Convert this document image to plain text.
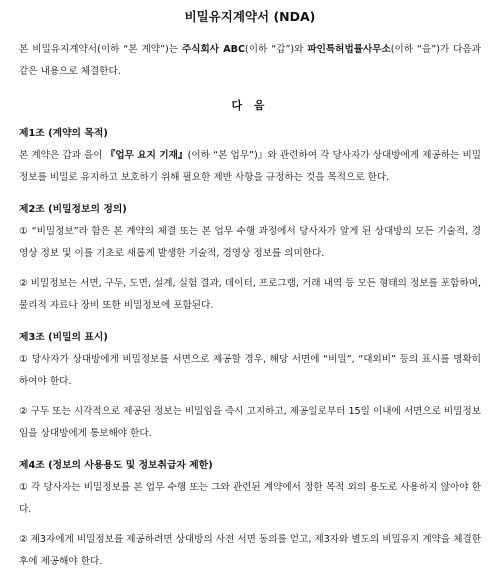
비밀유지계약서 (NDA)

본 비밀유지계약서(이하 “본 계약”)는 주식회사 ABC(이하 “갑”)와 파인특허법률사무소(이하 “을”)가 다음과 같은 내용으로 체결한다.

다 음
제1조 (계약의 목적)

본 계약은 갑과 을이 『업무 요지 기재』(이하 “본 업무”)』와 관련하여 각 당사자가 상대방에게 제공하는 비밀정보를 비밀로 유지하고 보호하기 위해 필요한 제반 사항을 규정하는 것을 목적으로 한다.

제2조 (비밀정보의 정의)

① “비밀정보”라 함은 본 계약의 체결 또는 본 업무 수행 과정에서 당사자가 알게 된 상대방의 모든 기술적, 경영상 정보 및 이를 기초로 새롭게 발생한 기술적, 경영상 정보를 의미한다.

② 비밀정보는 서면, 구두, 도면, 설계, 실험 결과, 데이터, 프로그램, 거래 내역 등 모든 형태의 정보를 포함하며, 물리적 자료나 장비 또한 비밀정보에 포함된다.

제3조 (비밀의 표시)

① 당사자가 상대방에게 비밀정보를 서면으로 제공할 경우, 해당 서면에 “비밀”, “대외비” 등의 표시를 명확히 하여야 한다.

② 구두 또는 시각적으로 제공된 정보는 비밀임을 즉시 고지하고, 제공일로부터 15일 이내에 서면으로 비밀정보임을 상대방에게 통보해야 한다.

제4조 (정보의 사용용도 및 정보취급자 제한)

① 각 당사자는 비밀정보를 본 업무 수행 또는 그와 관련된 계약에서 정한 목적 외의 용도로 사용하지 않아야 한다.

② 제3자에게 비밀정보를 제공하려면 상대방의 사전 서면 동의를 얻고, 제3자와 별도의 비밀유지 계약을 체결한 후에 제공해야 한다.
